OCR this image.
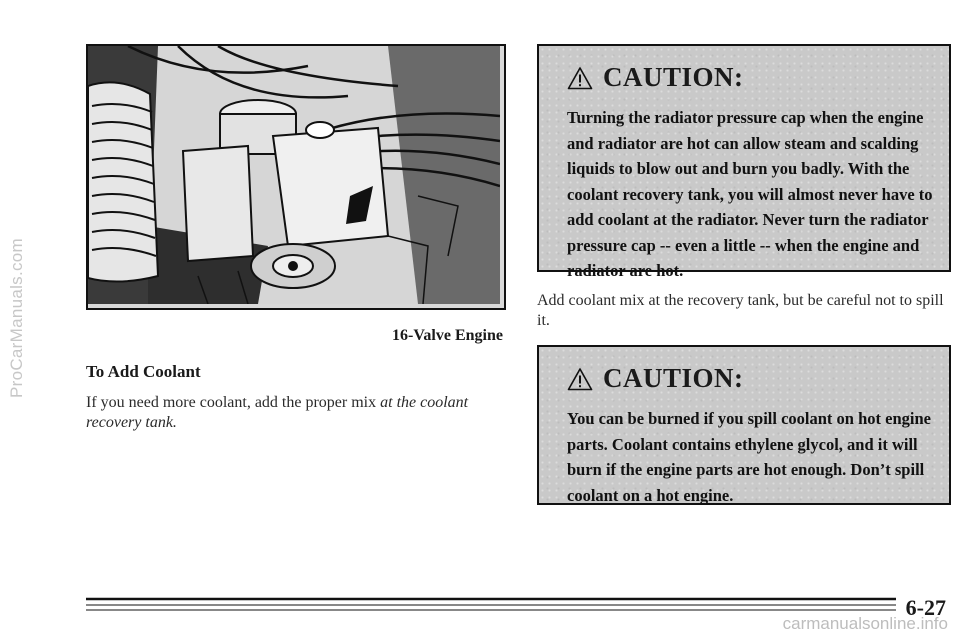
ProCarManuals.com	16-Valve Engine
To Add Coolant
If you need more coolant, add the proper mix at the coolant recovery tank.
CAUTION:

Turning the radiator pressure cap when the engine and radiator are hot can allow steam and scalding liquids to blow out and burn you badly. With the coolant recovery tank, you will almost never have to add coolant at the radiator. Never turn the radiator pressure cap -- even a little -- when the engine and radiator are hot.

Add coolant mix at the recovery tank, but be careful not to spill it.
CAUTION:

You can be burned if you spill coolant on hot engine parts. Coolant contains ethylene glycol, and it will burn if the engine parts are hot enough. Don’t spill coolant on a hot engine.

6-27
carmanualsonline.info
